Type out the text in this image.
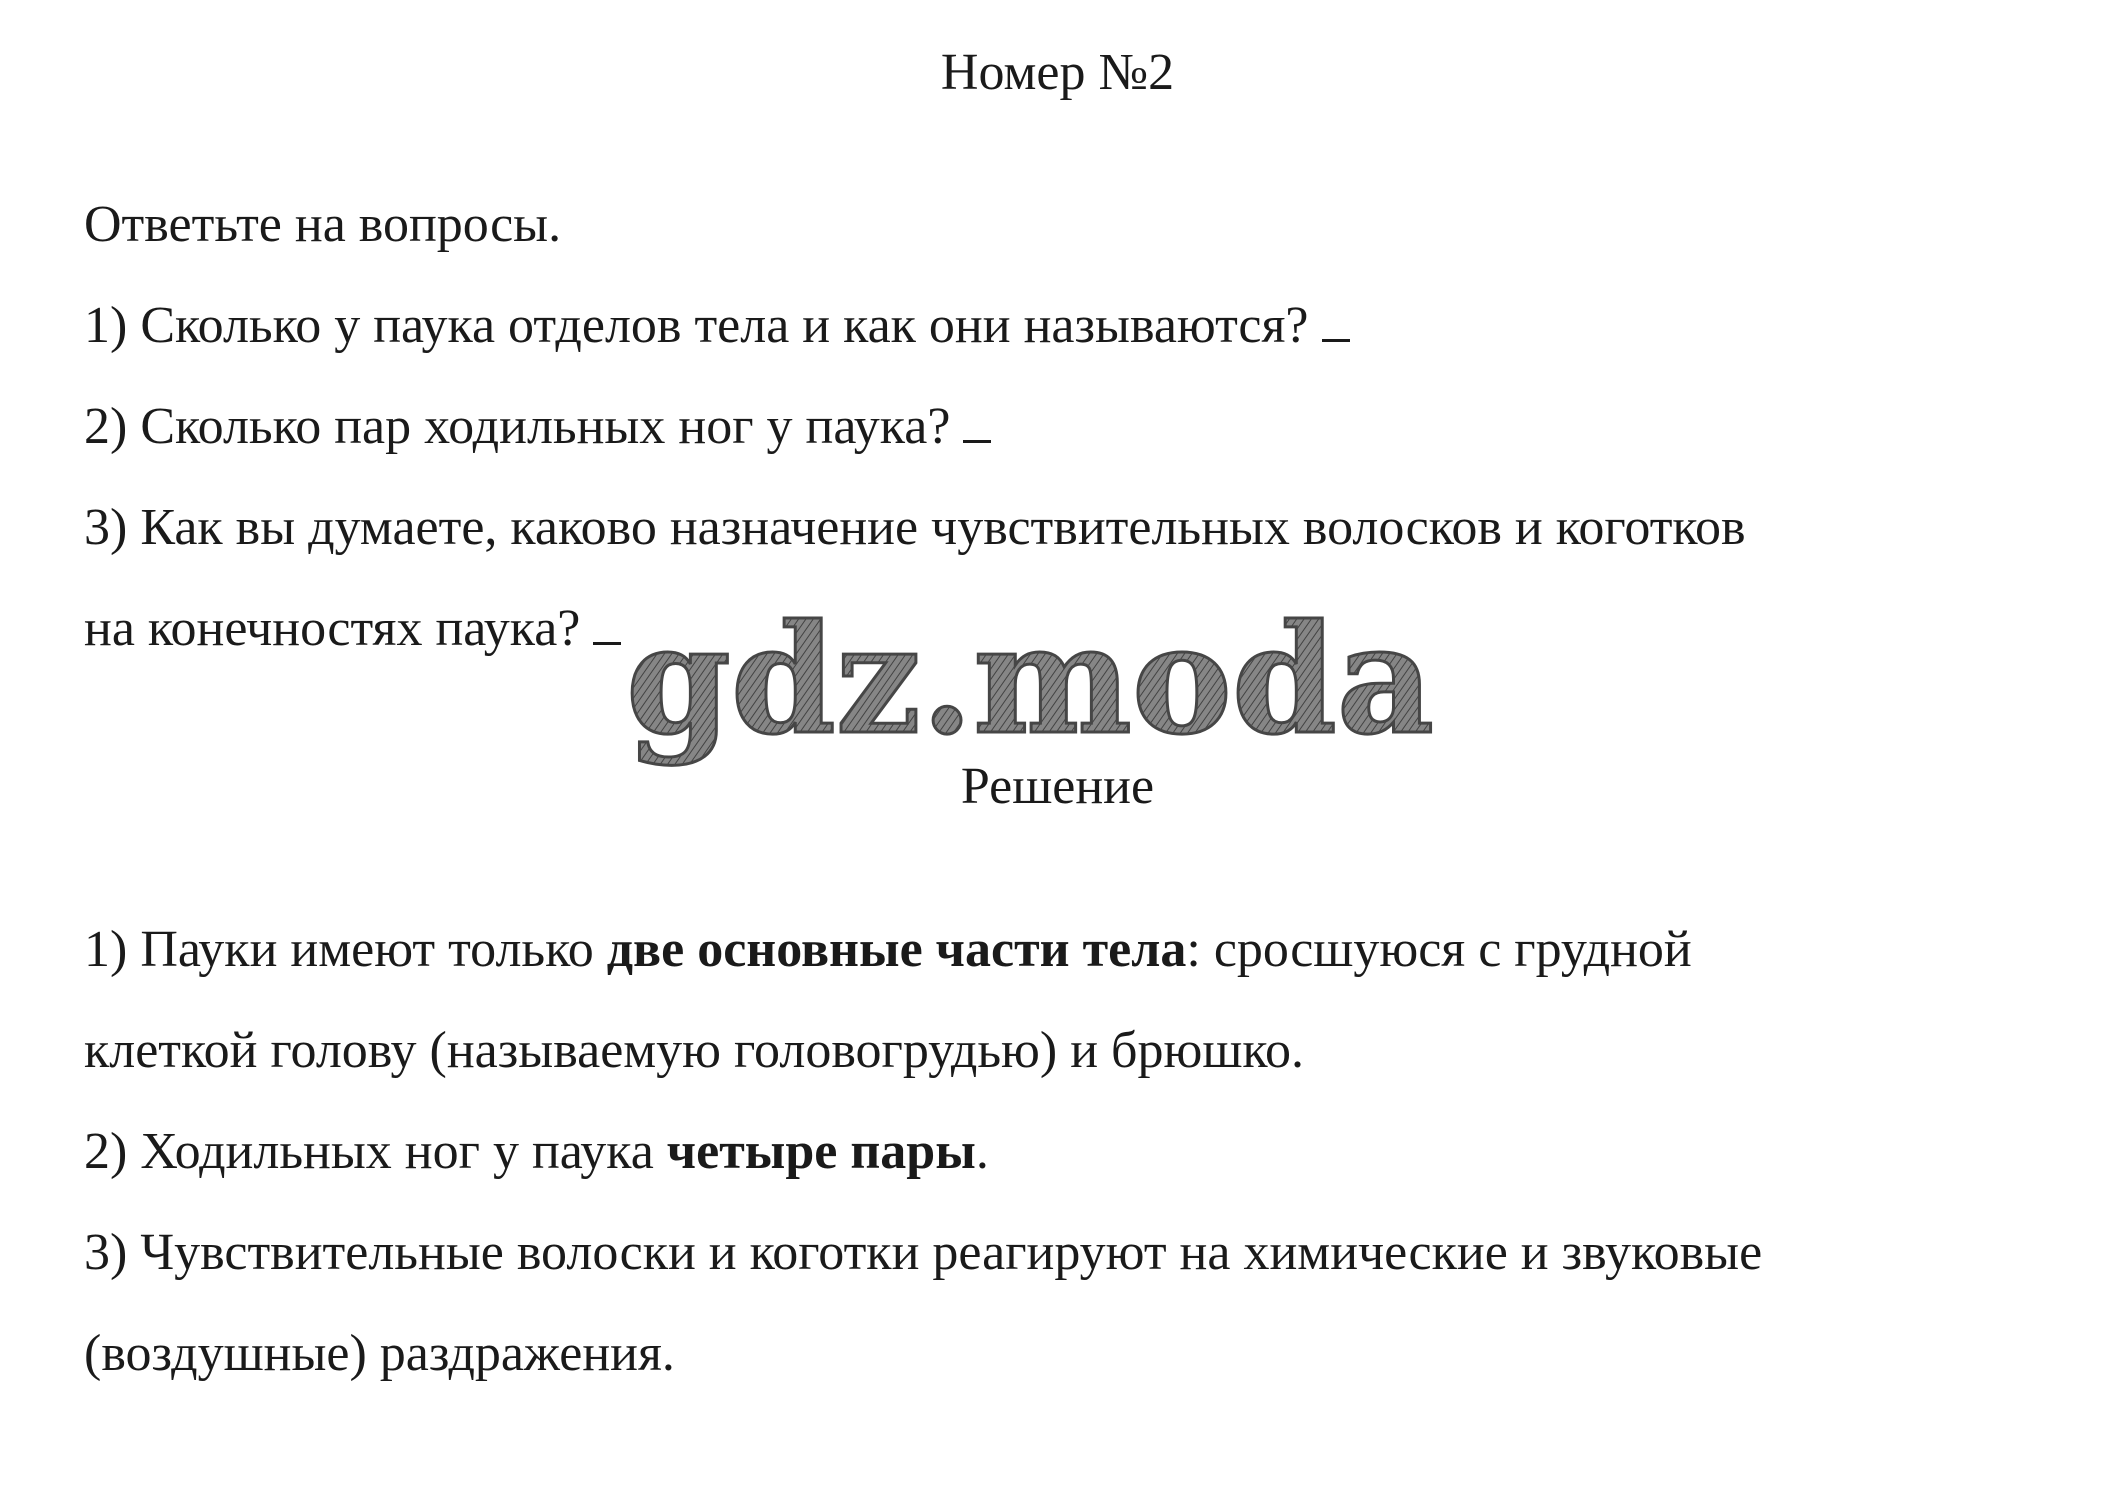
Номер №2
Ответьте на вопросы.
1) Сколько у паука отделов тела и как они называются?
2) Сколько пар ходильных ног у паука?
3) Как вы думаете, каково назначение чувствительных волосков и коготков
на конечностях паука? gdz.moda
Решение
1) Пауки имеют только две основные части тела: сросшуюся с грудной
клеткой голову (называемую головогрудью) и брюшко.
2) Ходильных ног у паука четыре пары.
3) Чувствительные волоски и коготки реагируют на химические и звуковые
(воздушные) раздражения.
